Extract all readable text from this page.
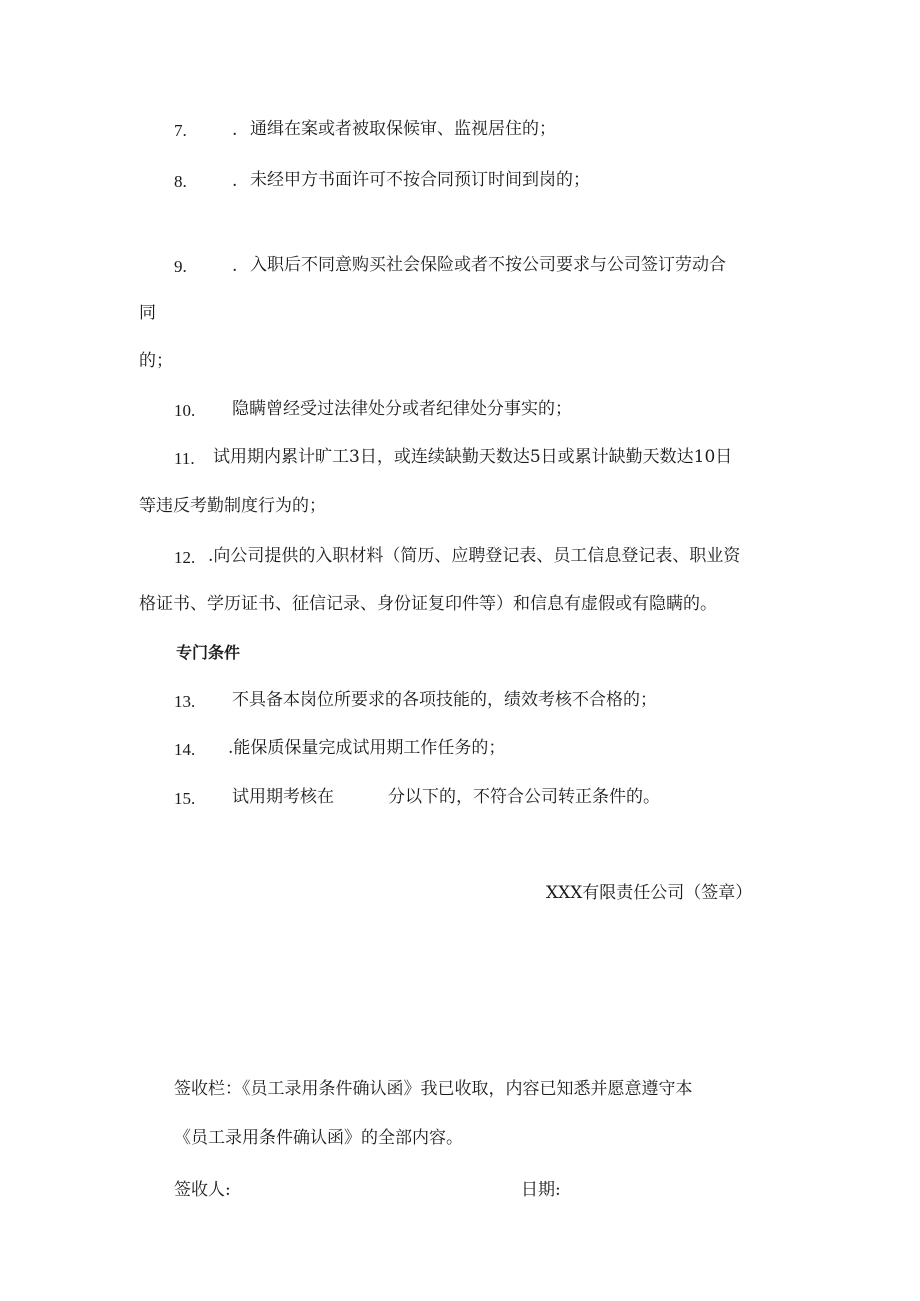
7.	. 通缉在案或者被取保候审、监视居住的；
8.	. 未经甲方书面许可不按合同预订时间到岗的；
9.	. 入职后不同意购买社会保险或者不按公司要求与公司签订劳动合
同
的；
10. 隐瞒曾经受过法律处分或者纪律处分事实的；
11. 试用期内累计旷工3日，或连续缺勤天数达5日或累计缺勤天数达10日
等违反考勤制度行为的；
12. .向公司提供的入职材料（简历、应聘登记表、员工信息登记表、职业资
格证书、学历证书、征信记录、身份证复印件等）和信息有虚假或有隐瞒的。
专门条件
13. 不具备本岗位所要求的各项技能的，绩效考核不合格的；
14. .能保质保量完成试用期工作任务的；
15. 试用期考核在	分以下的，不符合公司转正条件的。
XXX有限责任公司（签章）
签收栏：《员工录用条件确认函》我已收取，内容已知悉并愿意遵守本
《员工录用条件确认函》的全部内容。
签收人:	日期:
